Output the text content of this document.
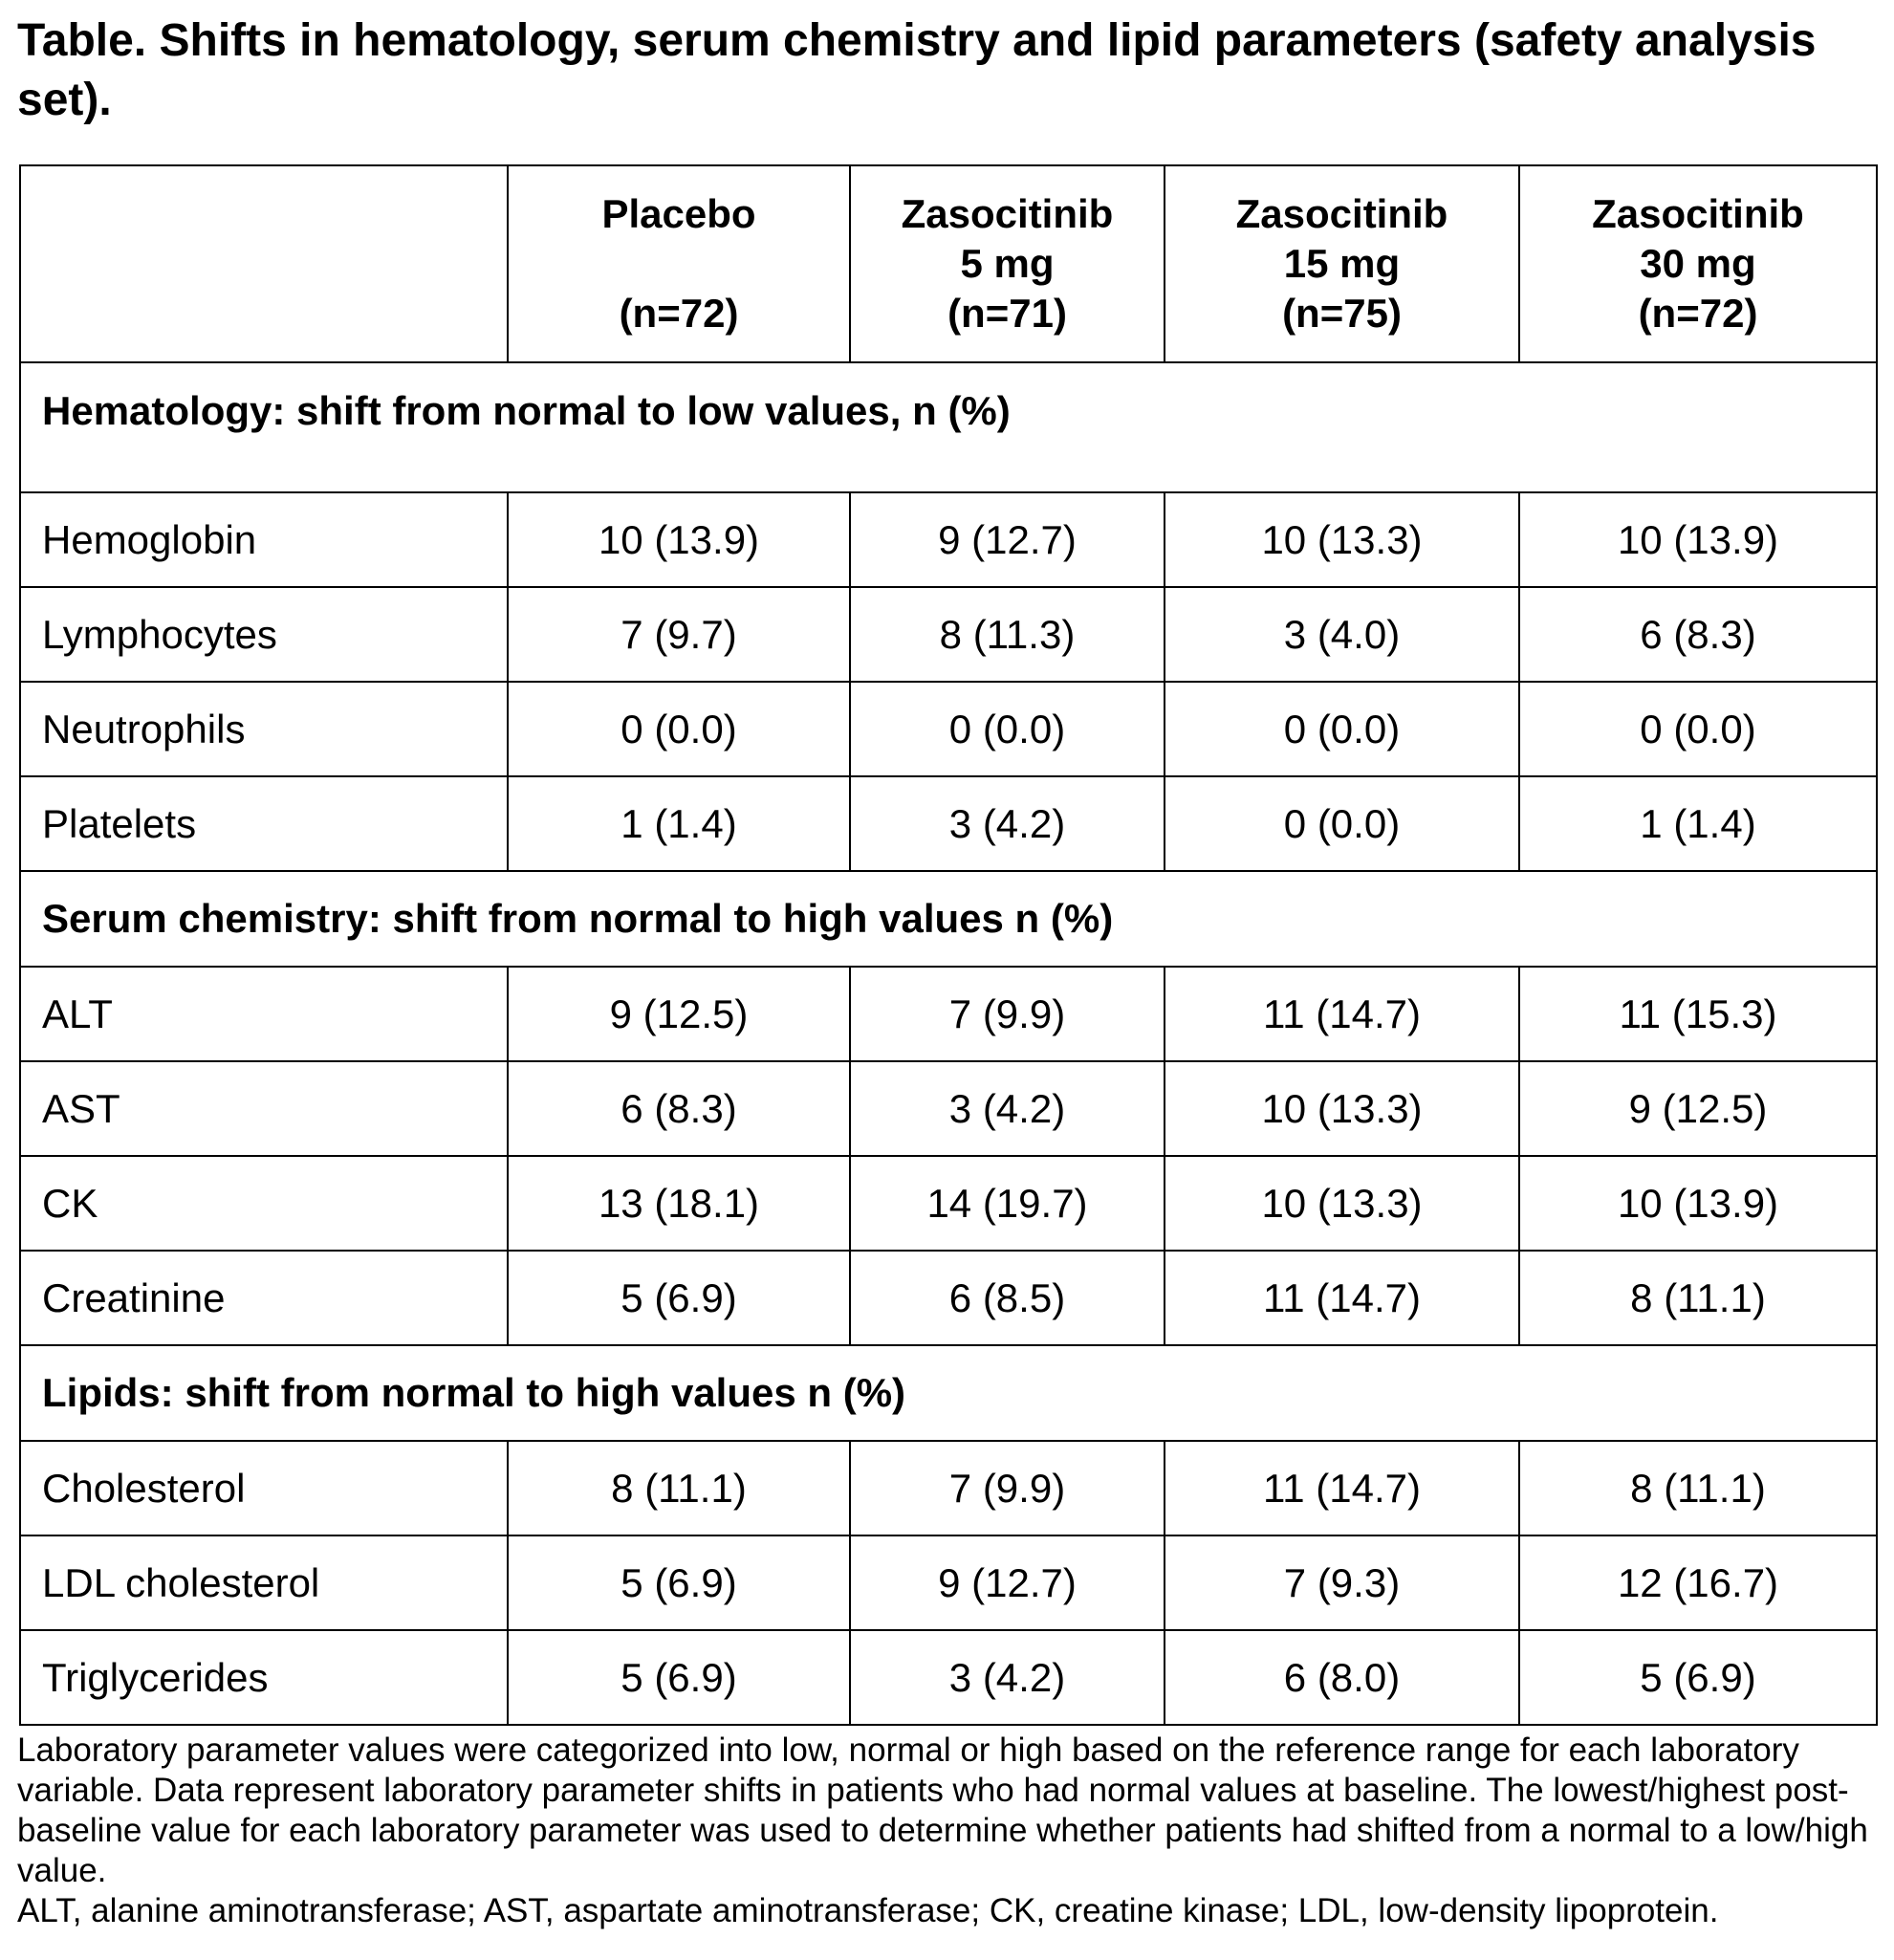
Table. Shifts in hematology, serum chemistry and lipid parameters (safety analysis set).

	Placebo
(n=72)	Zasocitinib
5 mg
(n=71)	Zasocitinib
15 mg
(n=75)	Zasocitinib
30 mg
(n=72)

Hematology: shift from normal to low values, n (%)				
Hemoglobin	10 (13.9)	9 (12.7)	10 (13.3)	10 (13.9)
Lymphocytes	7 (9.7)	8 (11.3)	3 (4.0)	6 (8.3)
Neutrophils	0 (0.0)	0 (0.0)	0 (0.0)	0 (0.0)
Platelets	1 (1.4)	3 (4.2)	0 (0.0)	1 (1.4)
Serum chemistry: shift from normal to high values n (%)				
ALT	9 (12.5)	7 (9.9)	11 (14.7)	11 (15.3)
AST	6 (8.3)	3 (4.2)	10 (13.3)	9 (12.5)
CK	13 (18.1)	14 (19.7)	10 (13.3)	10 (13.9)
Creatinine	5 (6.9)	6 (8.5)	11 (14.7)	8 (11.1)
Lipids: shift from normal to high values n (%)				
Cholesterol	8 (11.1)	7 (9.9)	11 (14.7)	8 (11.1)
LDL cholesterol	5 (6.9)	9 (12.7)	7 (9.3)	12 (16.7)
Triglycerides	5 (6.9)	3 (4.2)	6 (8.0)	5 (6.9)

Laboratory parameter values were categorized into low, normal or high based on the reference range for each laboratory variable. Data represent laboratory parameter shifts in patients who had normal values at baseline. The lowest/highest post-baseline value for each laboratory parameter was used to determine whether patients had shifted from a normal to a low/high value.

ALT, alanine aminotransferase; AST, aspartate aminotransferase; CK, creatine kinase; LDL, low-density lipoprotein.
